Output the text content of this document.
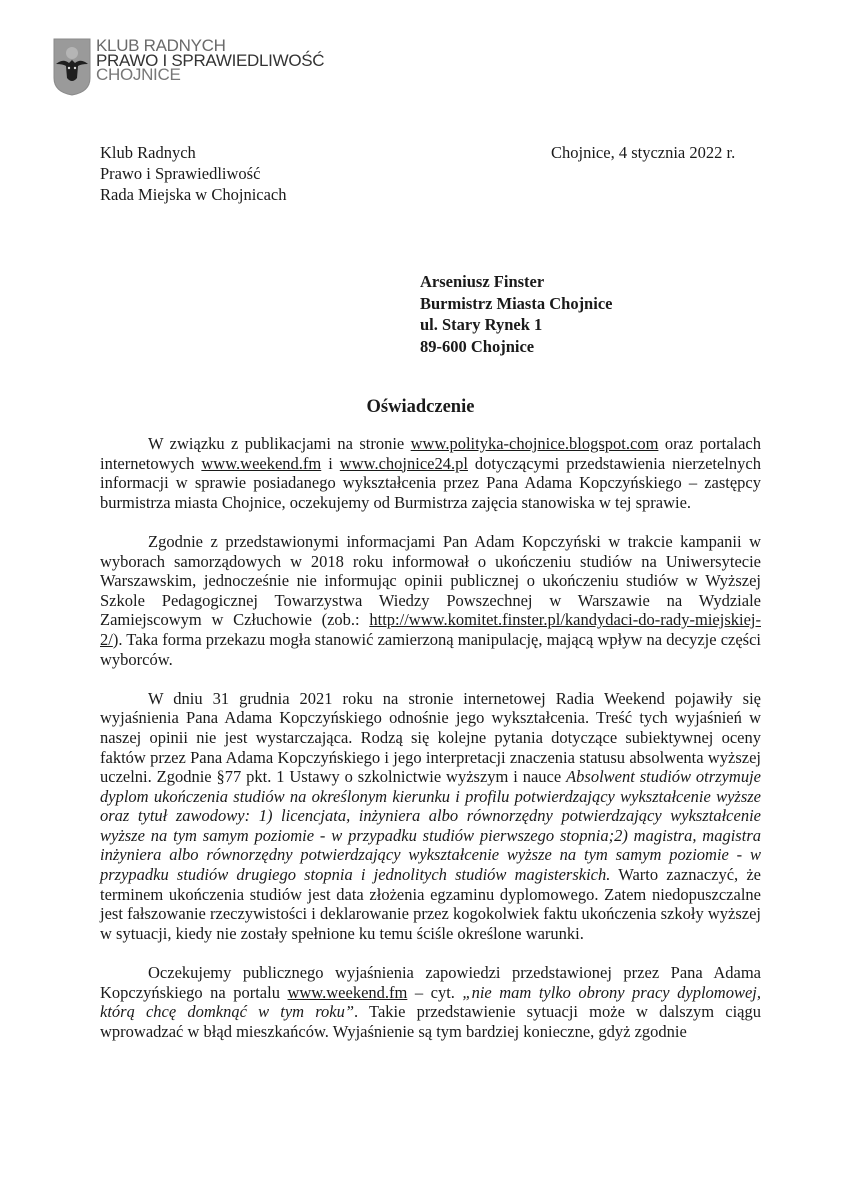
KLUB RADNYCH
PRAWO I SPRAWIEDLIWOŚĆ
CHOJNICE
Klub Radnych
Prawo i Sprawiedliwość
Rada Miejska w Chojnicach
Chojnice, 4 stycznia 2022 r.
Arseniusz Finster
Burmistrz Miasta Chojnice
ul. Stary Rynek 1
89-600 Chojnice
Oświadczenie

W związku z publikacjami na stronie www.polityka-chojnice.blogspot.com oraz portalach internetowych www.weekend.fm i www.chojnice24.pl dotyczącymi przedstawienia nierzetelnych informacji w sprawie posiadanego wykształcenia przez Pana Adama Kopczyńskiego – zastępcy burmistrza miasta Chojnice, oczekujemy od Burmistrza zajęcia stanowiska w tej sprawie.

Zgodnie z przedstawionymi informacjami Pan Adam Kopczyński w trakcie kampanii w wyborach samorządowych w 2018 roku informował o ukończeniu studiów na Uniwersytecie Warszawskim, jednocześnie nie informując opinii publicznej o ukończeniu studiów w Wyższej Szkole Pedagogicznej Towarzystwa Wiedzy Powszechnej w Warszawie na Wydziale Zamiejscowym w Człuchowie (zob.: http://www.komitet.finster.pl/kandydaci-do-rady-miejskiej-2/). Taka forma przekazu mogła stanowić zamierzoną manipulację, mającą wpływ na decyzje części wyborców.

W dniu 31 grudnia 2021 roku na stronie internetowej Radia Weekend pojawiły się wyjaśnienia Pana Adama Kopczyńskiego odnośnie jego wykształcenia. Treść tych wyjaśnień w naszej opinii nie jest wystarczająca. Rodzą się kolejne pytania dotyczące subiektywnej oceny faktów przez Pana Adama Kopczyńskiego i jego interpretacji znaczenia statusu absolwenta wyższej uczelni. Zgodnie §77 pkt. 1 Ustawy o szkolnictwie wyższym i nauce Absolwent studiów otrzymuje dyplom ukończenia studiów na określonym kierunku i profilu potwierdzający wykształcenie wyższe oraz tytuł zawodowy: 1) licencjata, inżyniera albo równorzędny potwierdzający wykształcenie wyższe na tym samym poziomie - w przypadku studiów pierwszego stopnia;2) magistra, magistra inżyniera albo równorzędny potwierdzający wykształcenie wyższe na tym samym poziomie - w przypadku studiów drugiego stopnia i jednolitych studiów magisterskich. Warto zaznaczyć, że terminem ukończenia studiów jest data złożenia egzaminu dyplomowego. Zatem niedopuszczalne jest fałszowanie rzeczywistości i deklarowanie przez kogokolwiek faktu ukończenia szkoły wyższej w sytuacji, kiedy nie zostały spełnione ku temu ściśle określone warunki.

Oczekujemy publicznego wyjaśnienia zapowiedzi przedstawionej przez Pana Adama Kopczyńskiego na portalu www.weekend.fm – cyt. „nie mam tylko obrony pracy dyplomowej, którą chcę domknąć w tym roku”. Takie przedstawienie sytuacji może w dalszym ciągu wprowadzać w błąd mieszkańców. Wyjaśnienie są tym bardziej konieczne, gdyż zgodnie
